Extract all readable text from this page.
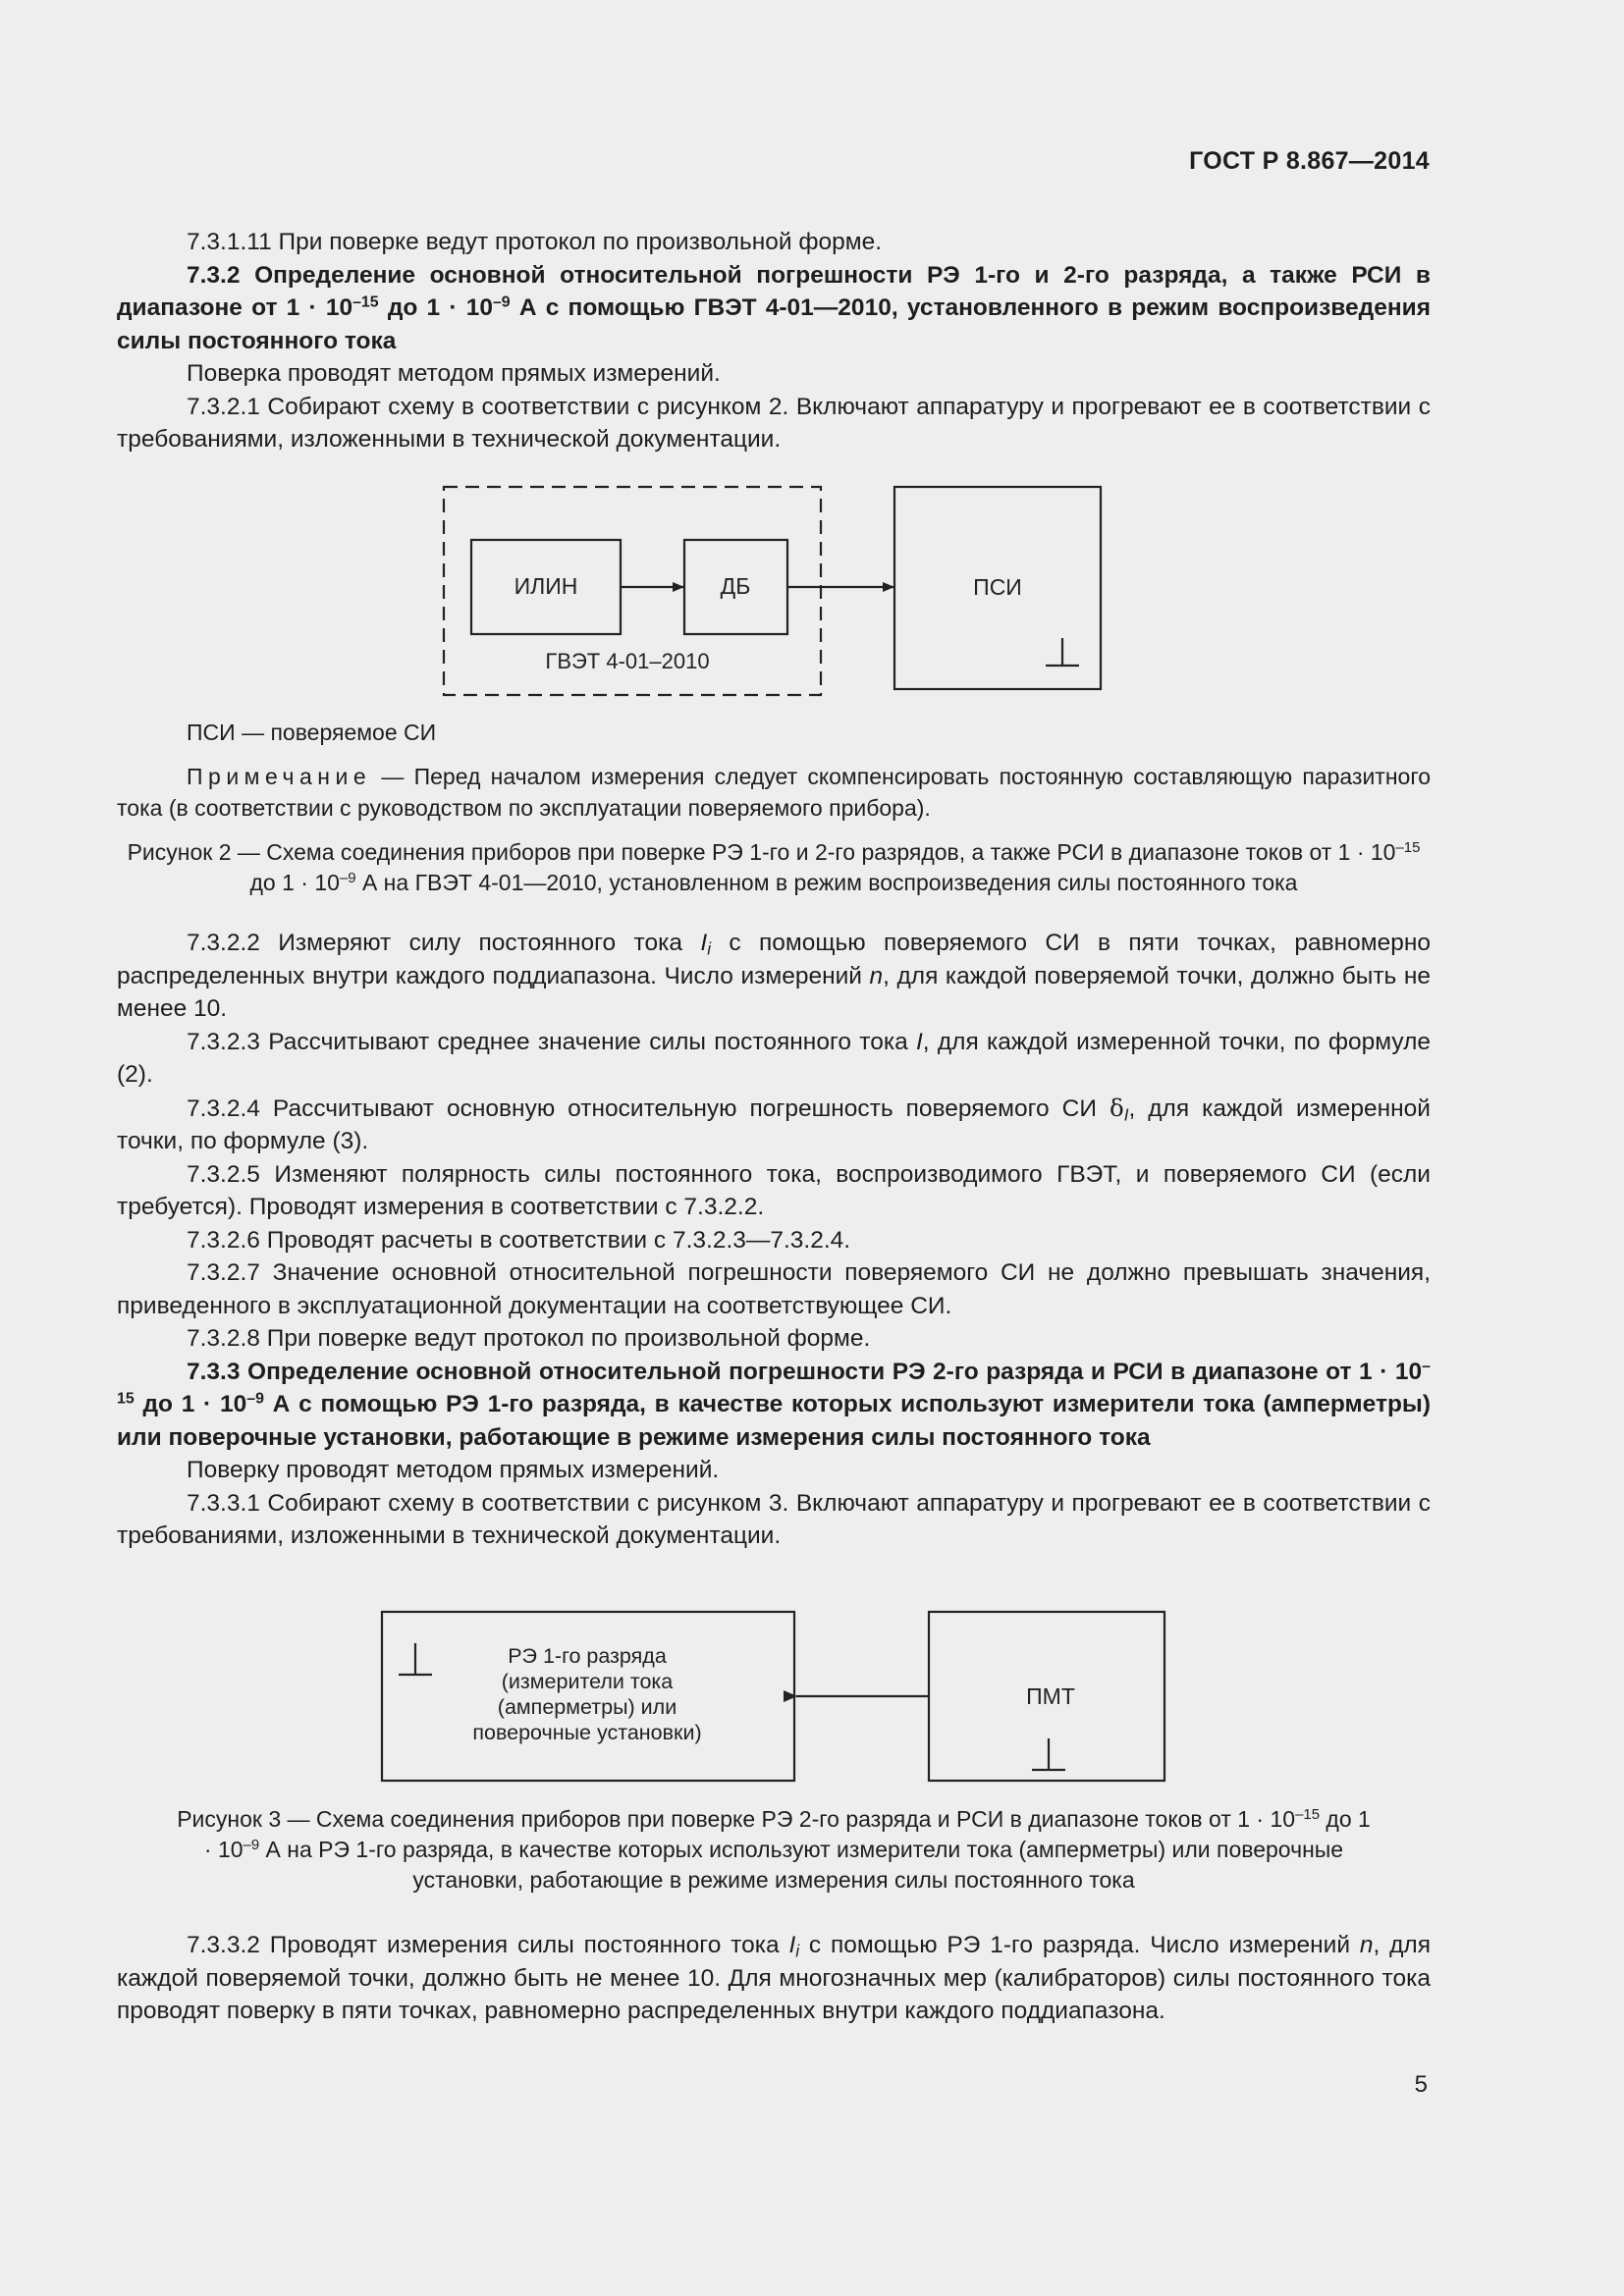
ГОСТ Р 8.867—2014
7.3.1.11 При поверке ведут протокол по произвольной форме.
7.3.2 Определение основной относительной погрешности РЭ 1-го и 2-го разряда, а также РСИ в диапазоне от $1 \cdot 10^{-15}$ до $1 \cdot 10^{-9}$ А с помощью ГВЭТ 4-01—2010, установленного в режим воспроизведения силы постоянного тока
Поверка проводят методом прямых измерений.
7.3.2.1 Собирают схему в соответствии с рисунком 2. Включают аппаратуру и прогревают ее в соответствии с требованиями, изложенными в технической документации.
ИЛИН	ДБ
ГВЭТ 4-01–2010
ПСИ
ПСИ — поверяемое СИ
Примечание — Перед началом измерения следует скомпенсировать постоянную составляющую паразитного тока (в соответствии с руководством по эксплуатации поверяемого прибора).
Рисунок 2 — Схема соединения приборов при поверке РЭ 1-го и 2-го разрядов, а также РСИ в диапазоне токов от $1 \cdot 10^{-15}$ до $1 \cdot 10^{-9}$ А на ГВЭТ 4-01—2010, установленном в режим воспроизведения силы постоянного тока
7.3.2.2 Измеряют силу постоянного тока $I_i$ с помощью поверяемого СИ в пяти точках, равномерно распределенных внутри каждого поддиапазона. Число измерений n, для каждой поверяемой точки, должно быть не менее 10.
7.3.2.3 Рассчитывают среднее значение силы постоянного тока I, для каждой измеренной точки, по формуле (2).
7.3.2.4 Рассчитывают основную относительную погрешность поверяемого СИ $\delta_I$, для каждой измеренной точки, по формуле (3).
7.3.2.5 Изменяют полярность силы постоянного тока, воспроизводимого ГВЭТ, и поверяемого СИ (если требуется). Проводят измерения в соответствии с 7.3.2.2.
7.3.2.6 Проводят расчеты в соответствии с 7.3.2.3—7.3.2.4.
7.3.2.7 Значение основной относительной погрешности поверяемого СИ не должно превышать значения, приведенного в эксплуатационной документации на соответствующее СИ.
7.3.2.8 При поверке ведут протокол по произвольной форме.
7.3.3 Определение основной относительной погрешности РЭ 2-го разряда и РСИ в диапазоне от $1 \cdot 10^{-15}$ до $1 \cdot 10^{-9}$ А с помощью РЭ 1-го разряда, в качестве которых используют измерители тока (амперметры) или поверочные установки, работающие в режиме измерения силы постоянного тока
Поверку проводят методом прямых измерений.
7.3.3.1 Собирают схему в соответствии с рисунком 3. Включают аппаратуру и прогревают ее в соответствии с требованиями, изложенными в технической документации.
РЭ 1-го разряда
(измерители тока
(амперметры) или
поверочные установки)
ПМТ
Рисунок 3 — Схема соединения приборов при поверке РЭ 2-го разряда и РСИ в диапазоне токов от $1 \cdot 10^{-15}$ до $1 \cdot 10^{-9}$ А на РЭ 1-го разряда, в качестве которых используют измерители тока (амперметры) или поверочные установки, работающие в режиме измерения силы постоянного тока
7.3.3.2 Проводят измерения силы постоянного тока $I_i$ с помощью РЭ 1-го разряда. Число измерений n, для каждой поверяемой точки, должно быть не менее 10. Для многозначных мер (калибраторов) силы постоянного тока проводят поверку в пяти точках, равномерно распределенных внутри каждого поддиапазона.
5
